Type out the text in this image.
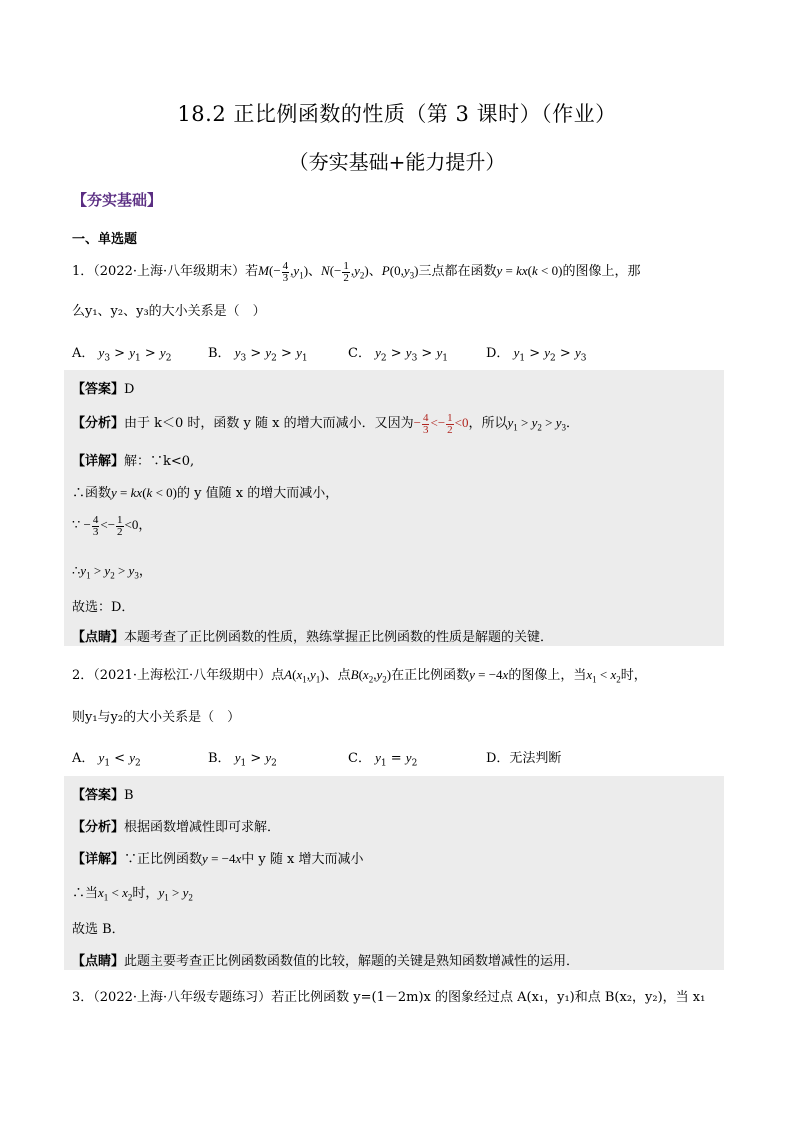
18.2 正比例函数的性质（第 3 课时）（作业）
（夯实基础+能力提升）
【夯实基础】
一、单选题
1．（2022·上海·八年级期末）若$M(- \frac{4}{3} ,y_1)$、$N(- \frac{1}{2} ,y_2)$、$P(0,y_3)$三点都在函数y = kx(k < 0)的图像上，那
么y₁、y₂、y₃的大小关系是（　）
A． $y_3 > y_1 > y_2$	B． $y_3 > y_2 > y_1$	C． $y_2 > y_3 > y_1$	D． $y_1 > y_2 > y_3$
【答案】D
【分析】由于 k＜0 时，函数 y 随 x 的增大而减小．又因为− $\frac{4}{3} <- \frac{1}{2} <0$，所以$y_1 > y_2 > y_3$．
【详解】解：∵k<0,
∴函数y = kx(k < 0)的 y 值随 x 的增大而减小，
∵ − $\frac{4}{3} <- \frac{1}{2} <0$，
$\therefore y_1 > y_2 > y_3$，
故选：D．
【点睛】本题考查了正比例函数的性质，熟练掌握正比例函数的性质是解题的关键．
2．（2021·上海松江·八年级期中）点$A(x_1,y_1)$、点$B(x_2,y_2)$在正比例函数y = −4x的图像上，当$x_1 < x_2$时，
则y₁与y₂的大小关系是（　）
A． $y_1 < y_2$	B． $y_1 > y_2$	C． $y_1 = y_2$	D．无法判断
【答案】B
【分析】根据函数增减性即可求解．
【详解】∵正比例函数y = −4x中 y 随 x 增大而减小
∴当$x_1 < x_2$时，$y_1 > y_2$
故选 B．
【点睛】此题主要考查正比例函数函数值的比较，解题的关键是熟知函数增减性的运用．
3．（2022·上海·八年级专题练习）若正比例函数 y=(1－2m)x 的图象经过点 A(x₁，y₁)和点 B(x₂，y₂)，当 x₁
